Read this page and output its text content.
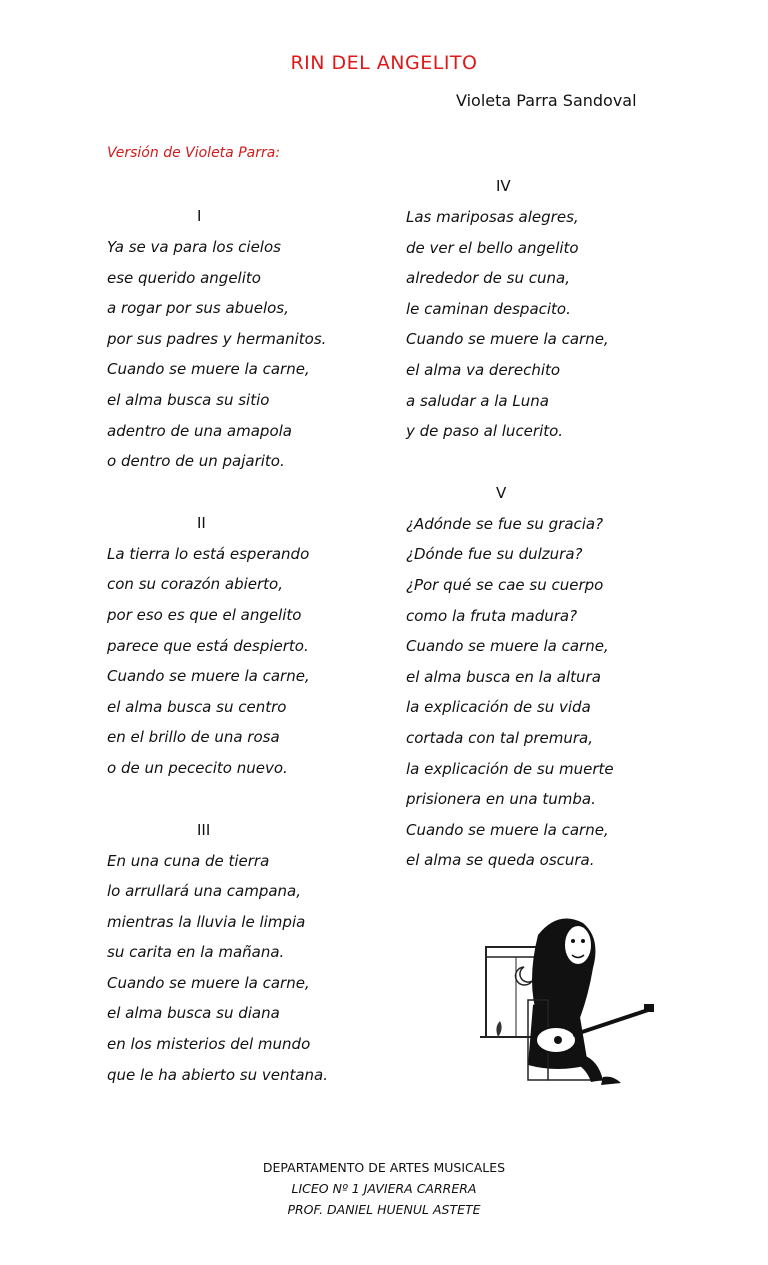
RIN DEL ANGELITO
Violeta Parra Sandoval
Versión de Violeta Parra:
I
Ya se va para los cielos
ese querido angelito
a rogar por sus abuelos,
por sus padres y hermanitos.
Cuando se muere la carne,
el alma busca su sitio
adentro de una amapola
o dentro de un pajarito.
II
La tierra lo está esperando
con su corazón abierto,
por eso es que el angelito
parece que está despierto.
Cuando se muere la carne,
el alma busca su centro
en el brillo de una rosa
o de un pececito nuevo.
III
En una cuna de tierra
lo arrullará una campana,
mientras la lluvia le limpia
su carita en la mañana.
Cuando se muere la carne,
el alma busca su diana
en los misterios del mundo
que le ha abierto su ventana.
IV
Las mariposas alegres,
de ver el bello angelito
alrededor de su cuna,
le caminan despacito.
Cuando se muere la carne,
el alma va derechito
a saludar a la Luna
y de paso al lucerito.
V
¿Adónde se fue su gracia?
¿Dónde fue su dulzura?
¿Por qué se cae su cuerpo
como la fruta madura?
Cuando se muere la carne,
el alma busca en la altura
la explicación de su vida
cortada con tal premura,
la explicación de su muerte
prisionera en una tumba.
Cuando se muere la carne,
el alma se queda oscura.
DEPARTAMENTO DE ARTES MUSICALES
LICEO Nº 1 JAVIERA CARRERA
PROF. DANIEL HUENUL ASTETE
